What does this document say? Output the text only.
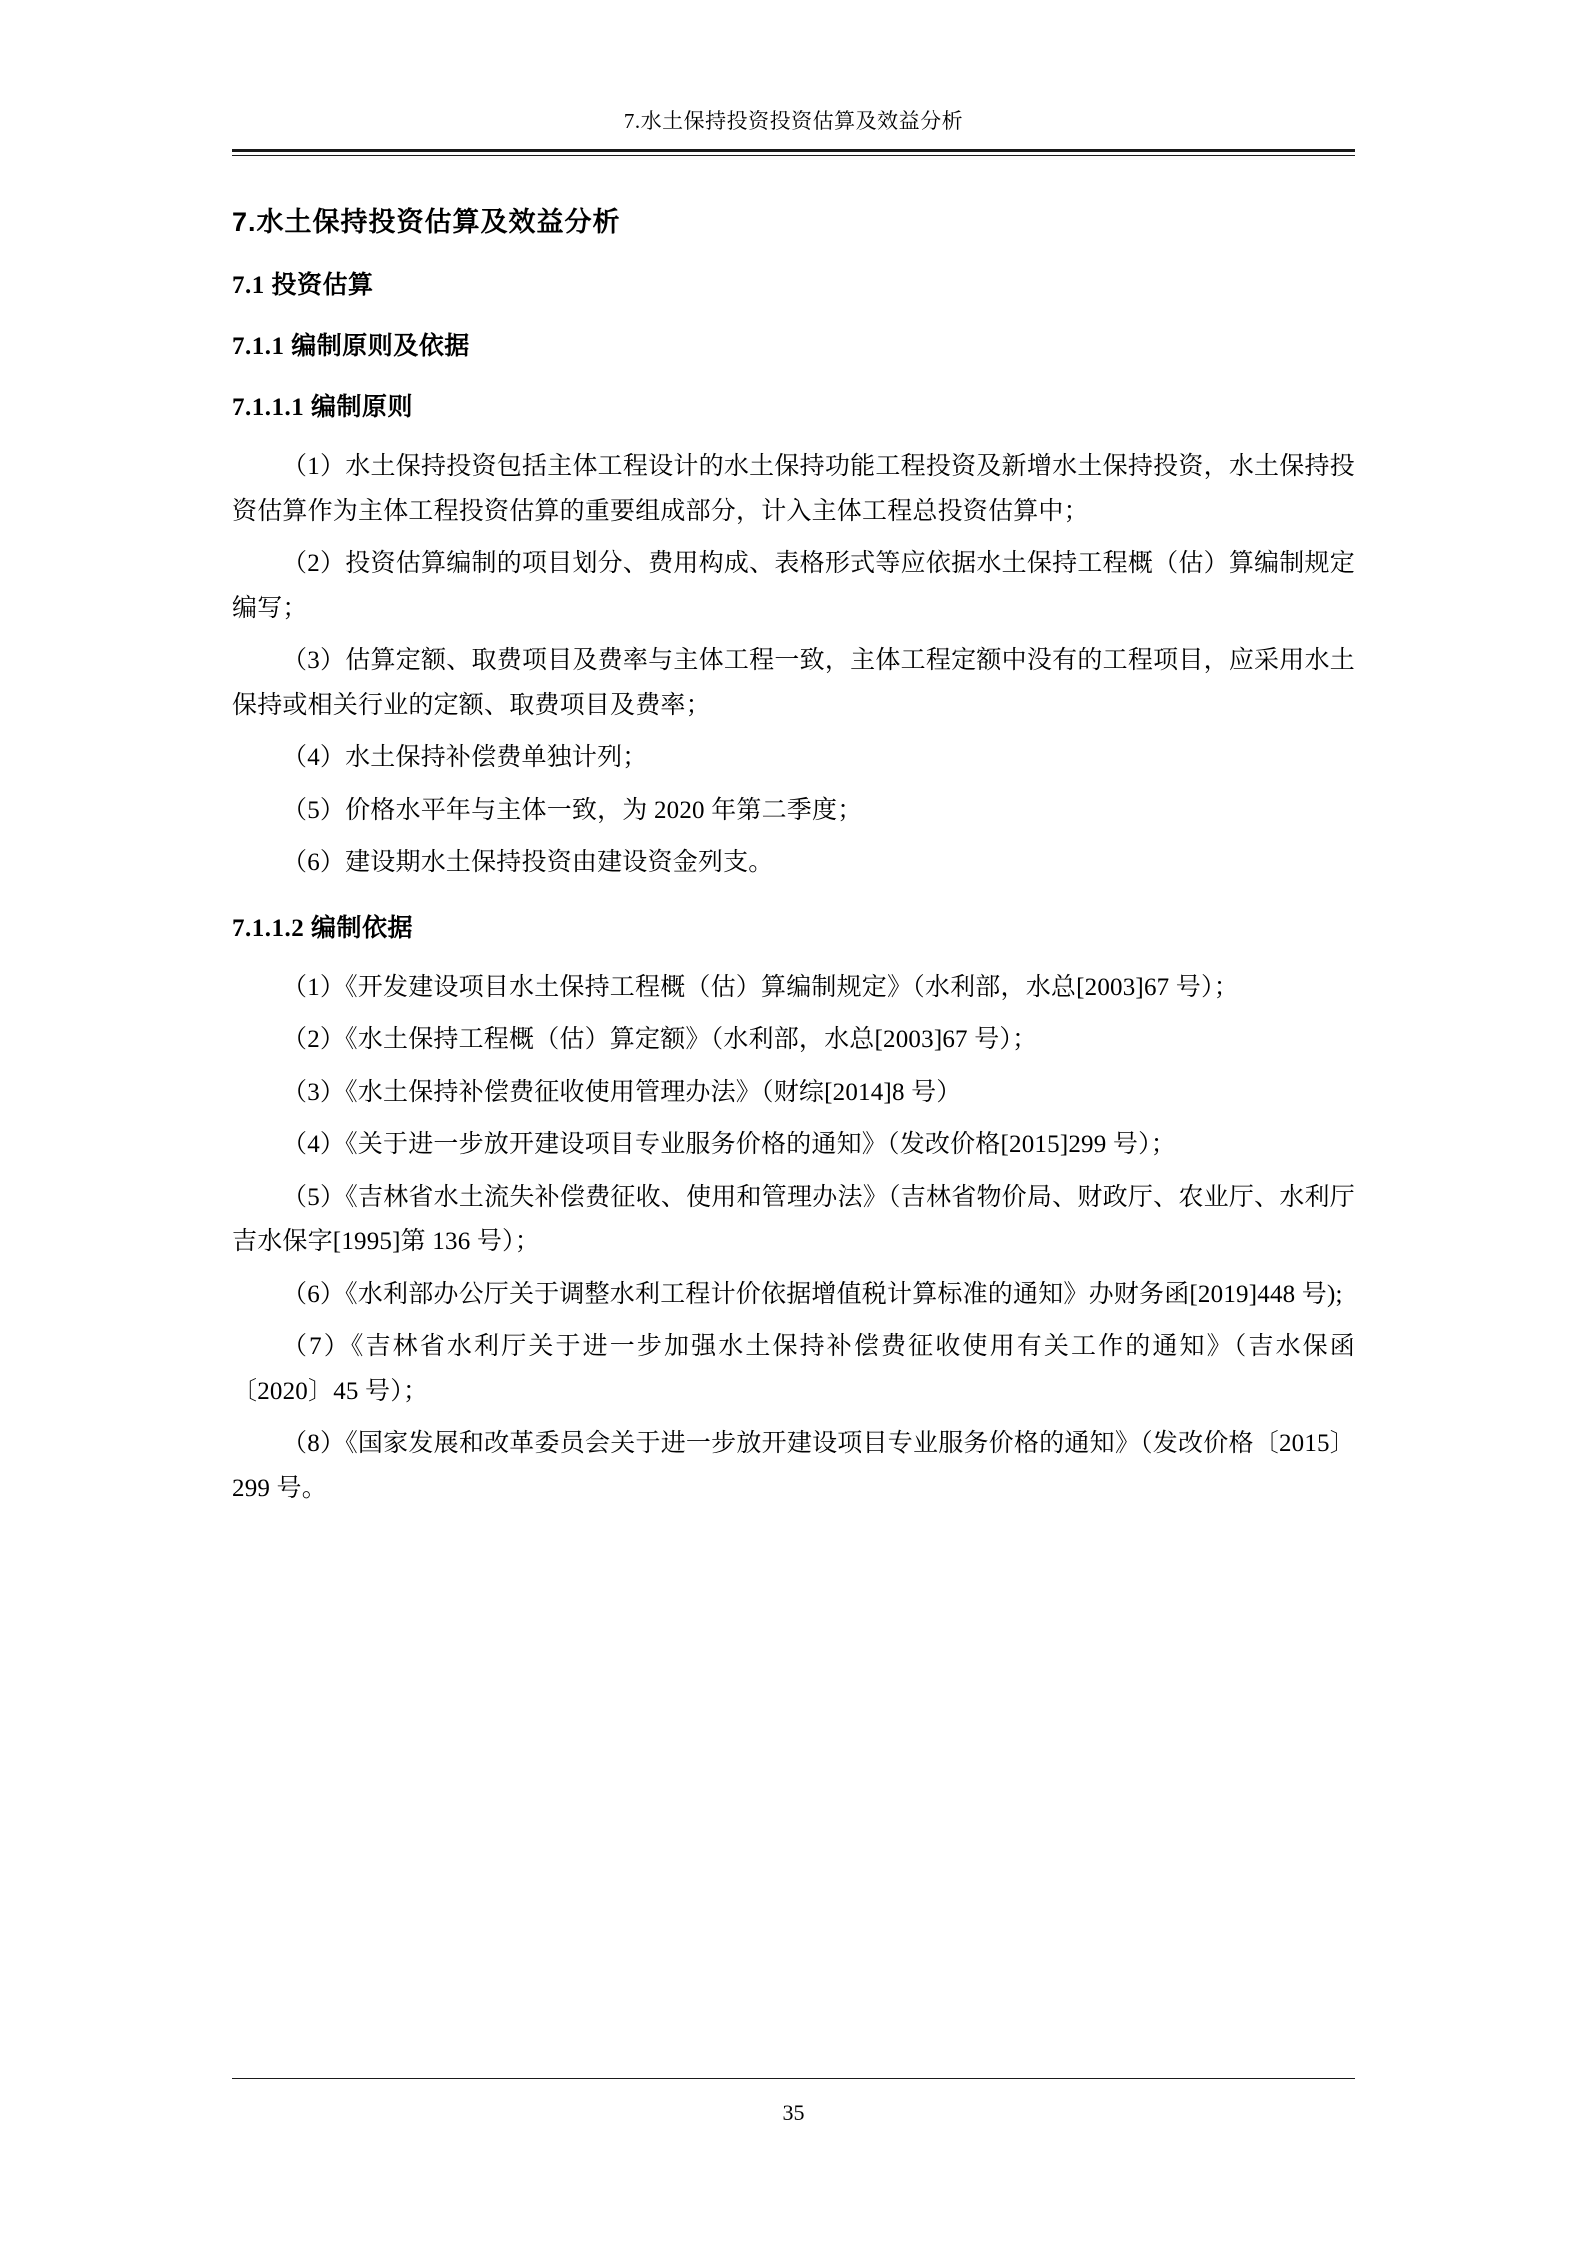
7.水土保持投资投资估算及效益分析
7.水土保持投资估算及效益分析
7.1 投资估算
7.1.1 编制原则及依据
7.1.1.1 编制原则

（1）水土保持投资包括主体工程设计的水土保持功能工程投资及新增水土保持投资，水土保持投资估算作为主体工程投资估算的重要组成部分，计入主体工程总投资估算中；

（2）投资估算编制的项目划分、费用构成、表格形式等应依据水土保持工程概（估）算编制规定编写；

（3）估算定额、取费项目及费率与主体工程一致，主体工程定额中没有的工程项目，应采用水土保持或相关行业的定额、取费项目及费率；

（4）水土保持补偿费单独计列；

（5）价格水平年与主体一致，为 2020 年第二季度；

（6）建设期水土保持投资由建设资金列支。

7.1.1.2 编制依据

（1）《开发建设项目水土保持工程概（估）算编制规定》（水利部，水总[2003]67 号）；

（2）《水土保持工程概（估）算定额》（水利部，水总[2003]67 号）；

（3）《水土保持补偿费征收使用管理办法》（财综[2014]8 号）

（4）《关于进一步放开建设项目专业服务价格的通知》（发改价格[2015]299 号）；

（5）《吉林省水土流失补偿费征收、使用和管理办法》（吉林省物价局、财政厅、农业厅、水利厅吉水保字[1995]第 136 号）；

（6）《水利部办公厅关于调整水利工程计价依据增值税计算标准的通知》办财务函[2019]448 号);

（7）《吉林省水利厅关于进一步加强水土保持补偿费征收使用有关工作的通知》（吉水保函〔2020〕45 号）；

（8）《国家发展和改革委员会关于进一步放开建设项目专业服务价格的通知》（发改价格〔2015〕299 号。

35
